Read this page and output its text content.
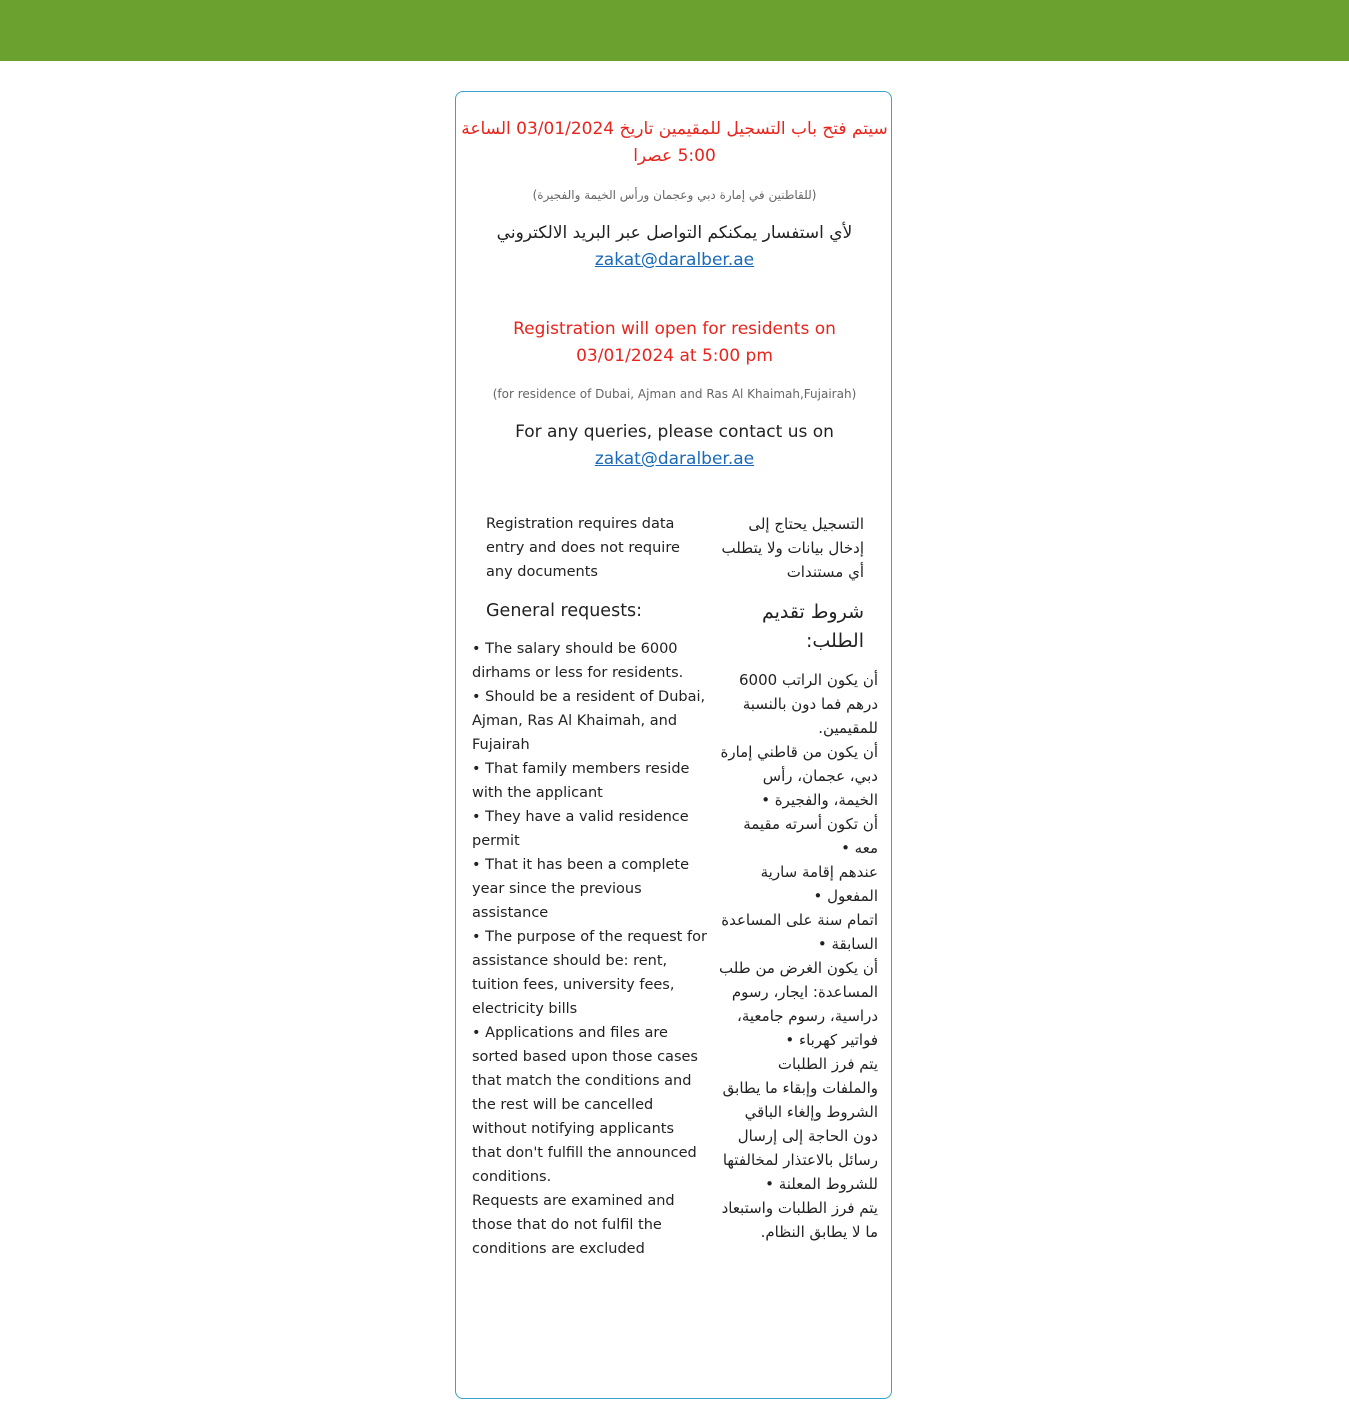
سيتم فتح باب التسجيل للمقيمين تاريخ 03/01/2024 الساعة 5:00 عصرا
(للقاطنين في إمارة دبي وعجمان ورأس الخيمة والفجيرة)
لأي استفسار يمكنكم التواصل عبر البريد الالكتروني
zakat@daralber.ae
Registration will open for residents on 03/01/2024 at 5:00 pm
(for residence of Dubai, Ajman and Ras Al Khaimah,Fujairah)
For any queries, please contact us on
zakat@daralber.ae
Registration requires data entry and does not require any documents
General requests:
• The salary should be 6000 dirhams or less for residents.
• Should be a resident of Dubai, Ajman, Ras Al Khaimah, and Fujairah
• That family members reside with the applicant
• They have a valid residence permit
• That it has been a complete year since the previous assistance
• The purpose of the request for assistance should be: rent, tuition fees, university fees, electricity bills
• Applications and files are sorted based upon those cases that match the conditions and the rest will be cancelled without notifying applicants that don't fulfill the announced conditions.
Requests are examined and those that do not fulfil the conditions are excluded
التسجيل يحتاج إلى إدخال بيانات ولا يتطلب أي مستندات
شروط تقديم الطلب:
أن يكون الراتب 6000 درهم فما دون بالنسبة للمقيمين.
أن يكون من قاطني إمارة دبي، عجمان، رأس الخيمة، والفجيرة •
أن تكون أسرته مقيمة معه •
عندهم إقامة سارية المفعول •
اتمام سنة على المساعدة السابقة •
أن يكون الغرض من طلب المساعدة: ايجار، رسوم دراسية، رسوم جامعية، فواتير كهرباء •
يتم فرز الطلبات والملفات وإبقاء ما يطابق الشروط وإلغاء الباقي دون الحاجة إلى إرسال رسائل بالاعتذار لمخالفتها للشروط المعلنة •
يتم فرز الطلبات واستبعاد ما لا يطابق النظام.
